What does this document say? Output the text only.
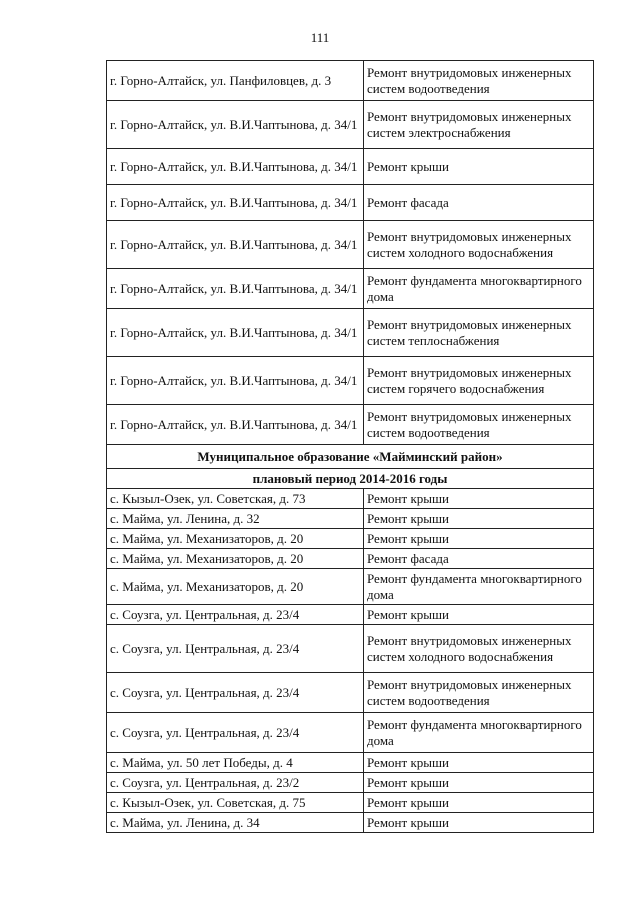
111
г. Горно-Алтайск, ул. Панфиловцев, д. 3	Ремонт внутридомовых инженерных систем водоотведения
г. Горно-Алтайск, ул. В.И.Чаптынова, д. 34/1	Ремонт внутридомовых инженерных систем электроснабжения
г. Горно-Алтайск, ул. В.И.Чаптынова, д. 34/1	Ремонт крыши
г. Горно-Алтайск, ул. В.И.Чаптынова, д. 34/1	Ремонт фасада
г. Горно-Алтайск, ул. В.И.Чаптынова, д. 34/1	Ремонт внутридомовых инженерных систем холодного водоснабжения
г. Горно-Алтайск, ул. В.И.Чаптынова, д. 34/1	Ремонт фундамента многоквартирного дома
г. Горно-Алтайск, ул. В.И.Чаптынова, д. 34/1	Ремонт внутридомовых инженерных систем теплоснабжения
г. Горно-Алтайск, ул. В.И.Чаптынова, д. 34/1	Ремонт внутридомовых инженерных систем горячего водоснабжения
г. Горно-Алтайск, ул. В.И.Чаптынова, д. 34/1	Ремонт внутридомовых инженерных систем водоотведения
Муниципальное образование «Майминский район»	
плановый период 2014-2016 годы	
с. Кызыл-Озек, ул. Советская, д. 73	Ремонт крыши
с. Майма, ул. Ленина, д. 32	Ремонт крыши
с. Майма, ул. Механизаторов, д. 20	Ремонт крыши
с. Майма, ул. Механизаторов, д. 20	Ремонт фасада
с. Майма, ул. Механизаторов, д. 20	Ремонт фундамента многоквартирного дома
с. Соузга, ул. Центральная, д. 23/4	Ремонт крыши
с. Соузга, ул. Центральная, д. 23/4	Ремонт внутридомовых инженерных систем холодного водоснабжения
с. Соузга, ул. Центральная, д. 23/4	Ремонт внутридомовых инженерных систем водоотведения
с. Соузга, ул. Центральная, д. 23/4	Ремонт фундамента многоквартирного дома
с. Майма, ул. 50 лет Победы, д. 4	Ремонт крыши
с. Соузга, ул. Центральная, д. 23/2	Ремонт крыши
с. Кызыл-Озек, ул. Советская, д. 75	Ремонт крыши
с. Майма, ул. Ленина, д. 34	Ремонт крыши
